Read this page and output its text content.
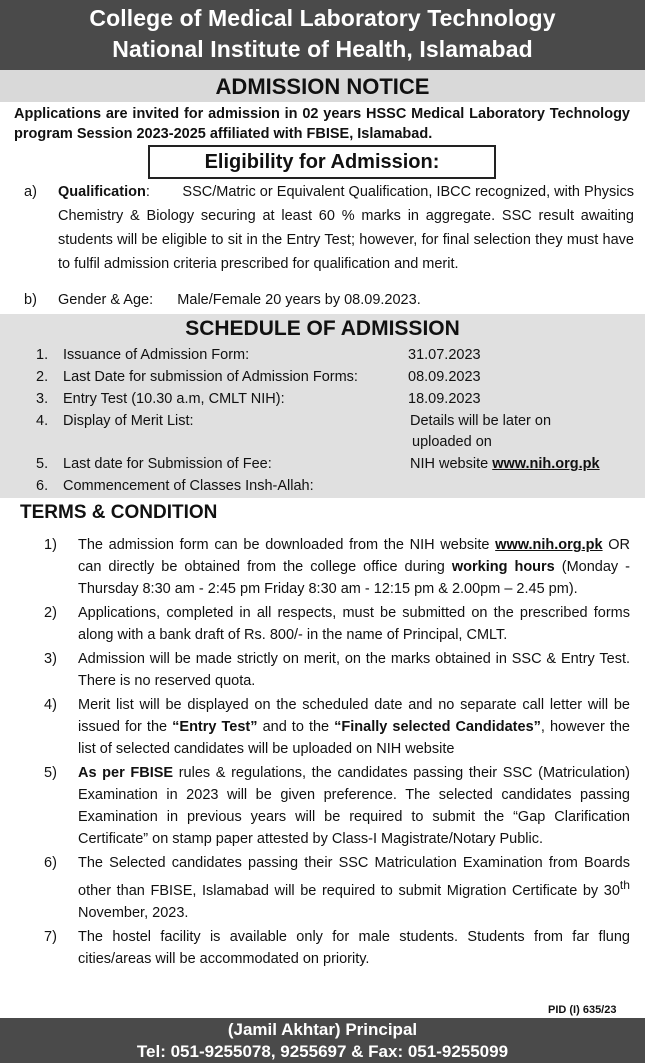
College of Medical Laboratory Technology
National Institute of Health, Islamabad
ADMISSION NOTICE
Applications are invited for admission in 02 years HSSC Medical Laboratory Technology program Session 2023-2025 affiliated with FBISE, Islamabad.
Eligibility for Admission:
a) Qualification:        SSC/Matric or Equivalent Qualification, IBCC recognized, with Physics Chemistry & Biology securing at least 60 % marks in aggregate. SSC result awaiting students will be eligible to sit in the Entry Test; however, for final selection they must have to fulfil admission criteria prescribed for qualification and merit.
b) Gender & Age: Male/Female 20 years by 08.09.2023.
SCHEDULE OF ADMISSION
1. Issuance of Admission Form:	31.07.2023
2. Last Date for submission of Admission Forms:	08.09.2023
3. Entry Test (10.30 a.m, CMLT NIH):	18.09.2023
4. Display of Merit List:	Details will be later on
uploaded on
5. Last date for Submission of Fee:	NIH website www.nih.org.pk
6. Commencement of Classes Insh-Allah:
TERMS & CONDITION
1) The admission form can be downloaded from the NIH website www.nih.org.pk OR can directly be obtained from the college office during working hours (Monday - Thursday 8:30 am - 2:45 pm Friday 8:30 am - 12:15 pm & 2.00pm – 2.45 pm).
2) Applications, completed in all respects, must be submitted on the prescribed forms along with a bank draft of Rs. 800/- in the name of Principal, CMLT.
3) Admission will be made strictly on merit, on the marks obtained in SSC & Entry Test. There is no reserved quota.
4) Merit list will be displayed on the scheduled date and no separate call letter will be issued for the “Entry Test” and to the “Finally selected Candidates”, however the list of selected candidates will be uploaded on NIH website
5) As per FBISE rules & regulations, the candidates passing their SSC (Matriculation) Examination in 2023 will be given preference. The selected candidates passing Examination in previous years will be required to submit the “Gap Clarification Certificate” on stamp paper attested by Class-I Magistrate/Notary Public.
6) The Selected candidates passing their SSC Matriculation Examination from Boards other than FBISE, Islamabad will be required to submit Migration Certificate by 30th November, 2023.
7) The hostel facility is available only for male students. Students from far flung cities/areas will be accommodated on priority.
PID (I) 635/23
(Jamil Akhtar) Principal
Tel: 051-9255078, 9255697 & Fax: 051-9255099
